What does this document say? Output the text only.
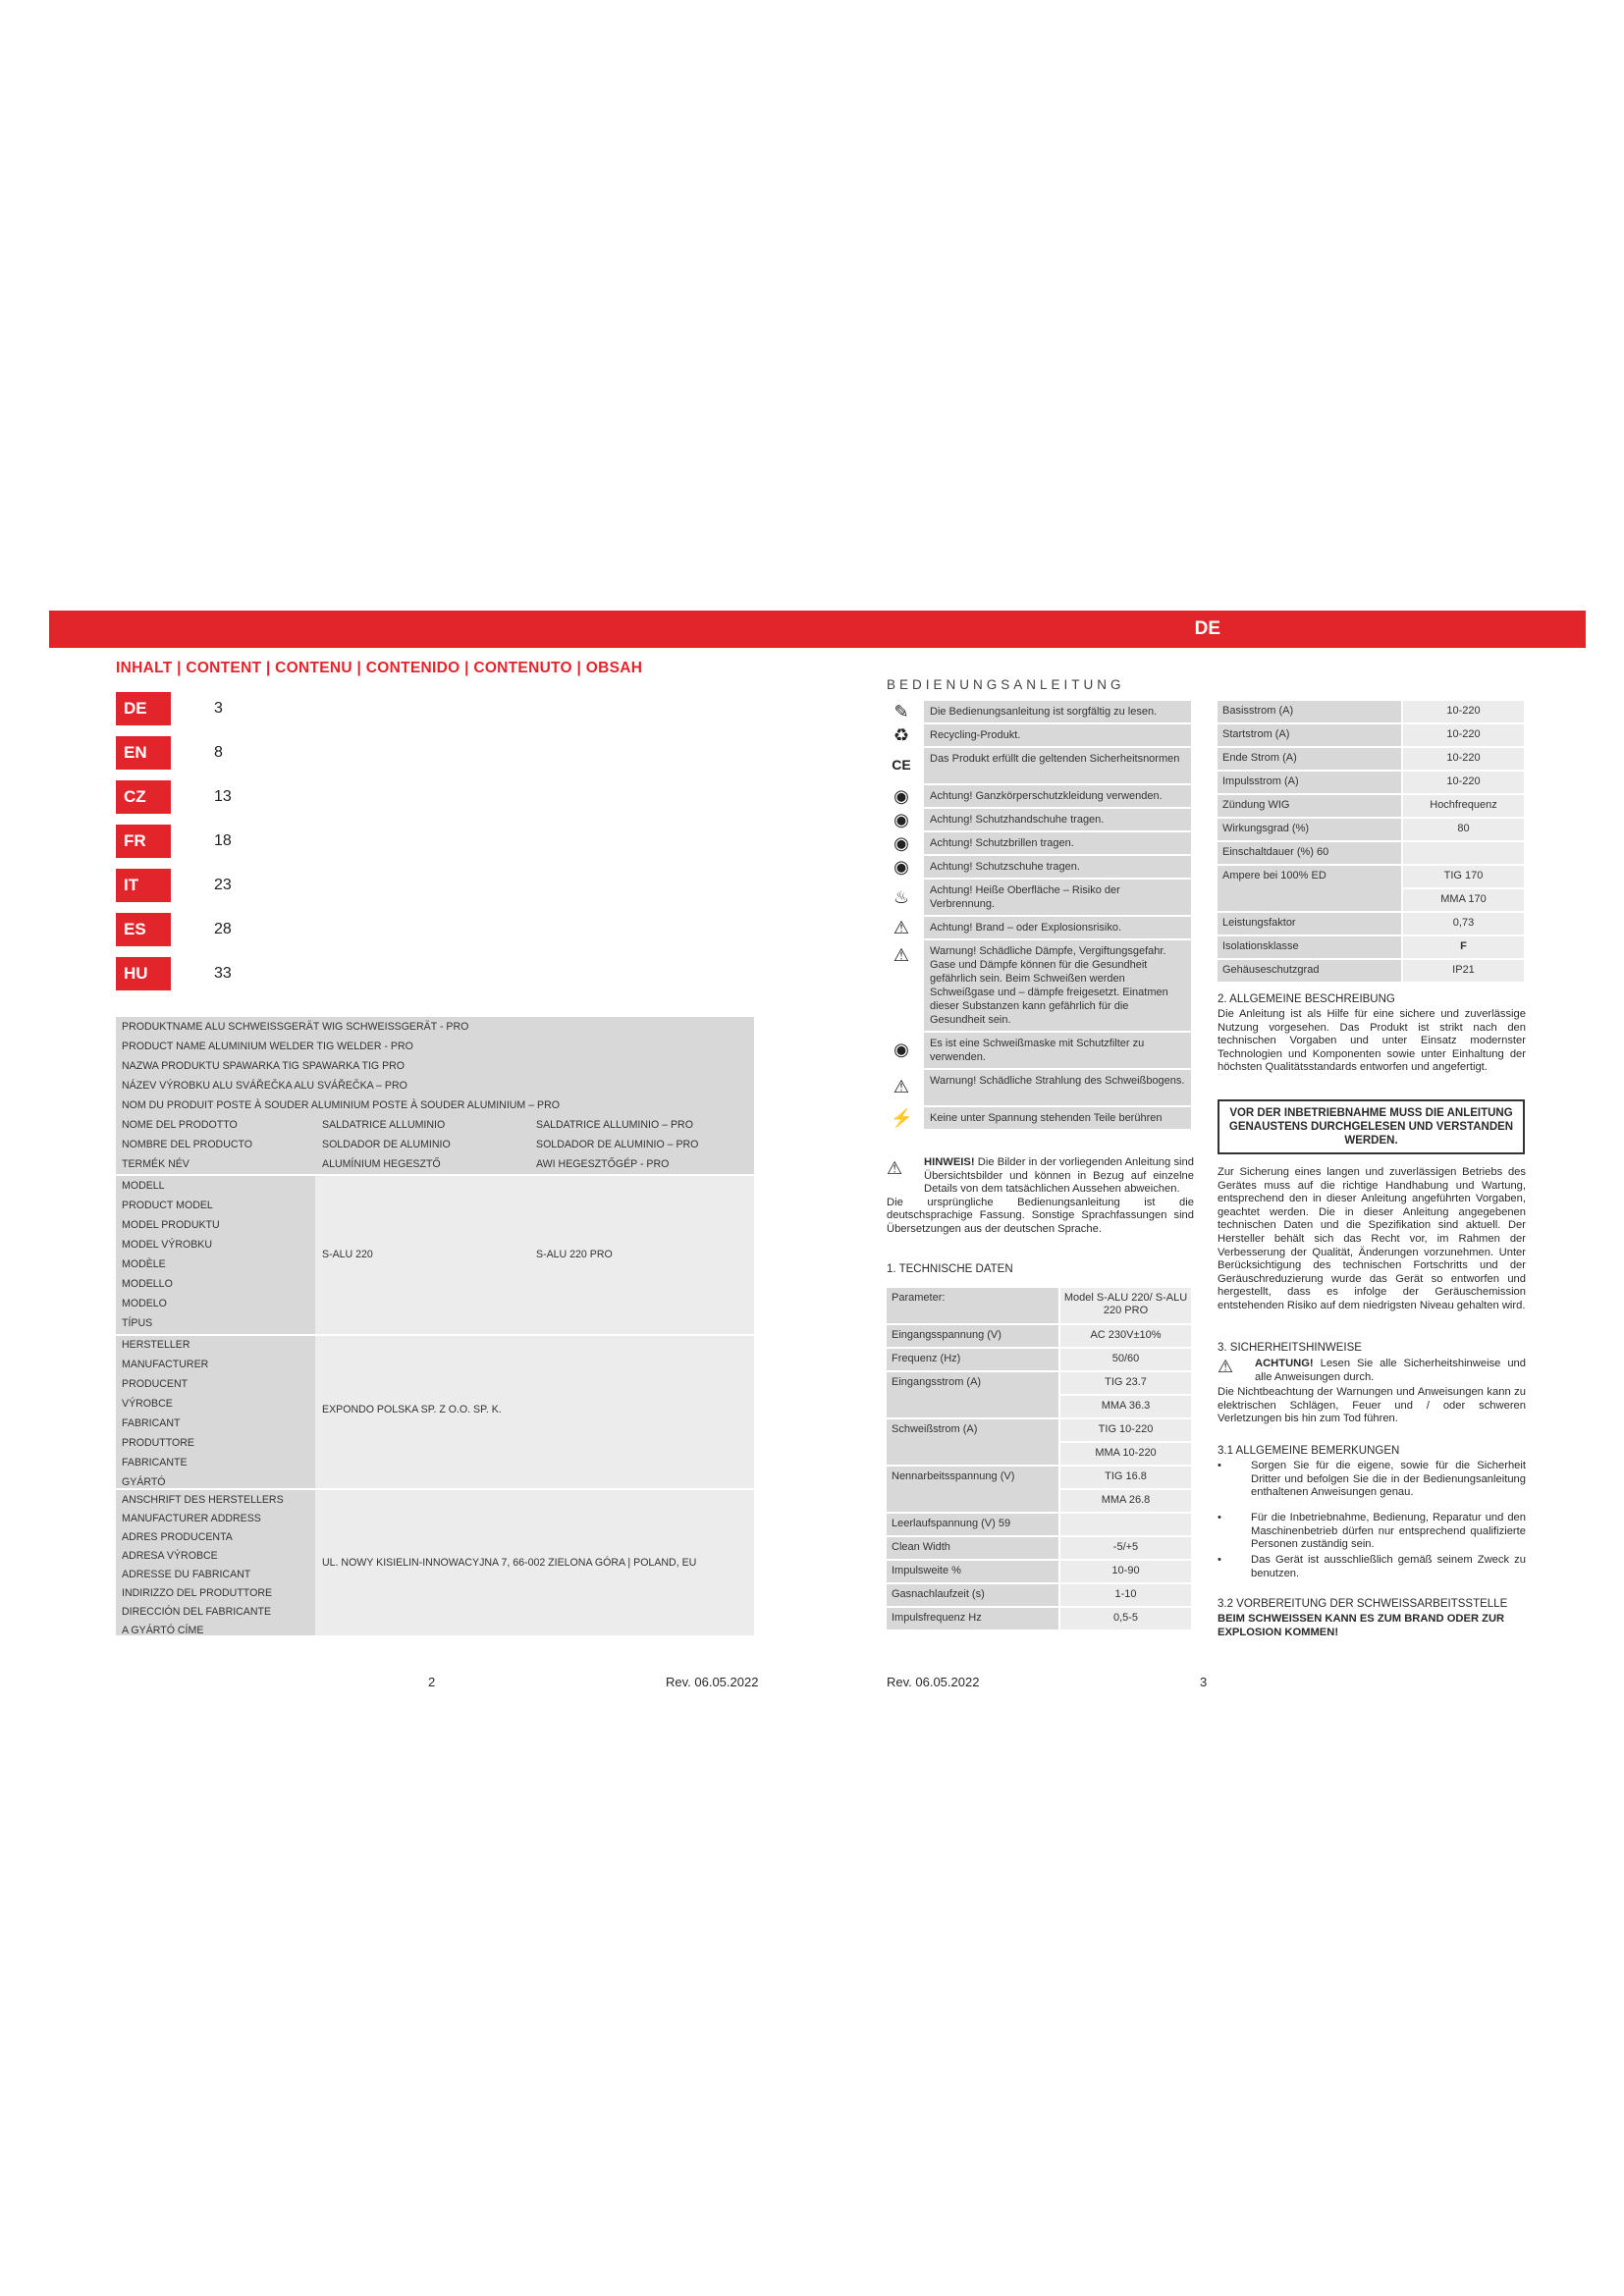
DE
INHALT | CONTENT | CONTENU | CONTENIDO | CONTENUTO | OBSAH
DE	3
EN	8
CZ	13
FR	18
IT	23
ES	28
HU	33
PRODUKTNAME ALU SCHWEISSGERÄT WIG SCHWEISSGERÄT - PRO
PRODUCT NAME ALUMINIUM WELDER TIG WELDER - PRO
NAZWA PRODUKTU SPAWARKA TIG SPAWARKA TIG PRO
NÁZEV VÝROBKU ALU SVÁŘEČKA ALU SVÁŘEČKA – PRO
NOM DU PRODUIT POSTE À SOUDER ALUMINIUM POSTE À SOUDER ALUMINIUM – PRO
NOME DEL PRODOTTO	SALDATRICE ALLUMINIO	SALDATRICE ALLUMINIO – PRO
NOMBRE DEL PRODUCTO	SOLDADOR DE ALUMINIO	SOLDADOR DE ALUMINIO – PRO
TERMÉK NÉV	ALUMÍNIUM HEGESZTŐ	AWI HEGESZTŐGÉP - PRO
MODELL
PRODUCT MODEL
MODEL PRODUKTU
MODEL VÝROBKU
MODÈLE
MODELLO
MODELO
TÍPUS
S-ALU 220	S-ALU 220 PRO
HERSTELLER
MANUFACTURER
PRODUCENT
VÝROBCE
FABRICANT
PRODUTTORE
FABRICANTE
GYÁRTÓ
EXPONDO POLSKA SP. Z O.O. SP. K.
ANSCHRIFT DES HERSTELLERS
MANUFACTURER ADDRESS
ADRES PRODUCENTA
ADRESA VÝROBCE
ADRESSE DU FABRICANT
INDIRIZZO DEL PRODUTTORE
DIRECCIÓN DEL FABRICANTE
A GYÁRTÓ CÍME
UL. NOWY KISIELIN-INNOWACYJNA 7, 66-002 ZIELONA GÓRA | POLAND, EU
2	Rev. 06.05.2022
BEDIENUNGSANLEITUNG
✎	Die Bedienungsanleitung ist sorgfältig zu lesen.
♻	Recycling-Produkt.
CE	Das Produkt erfüllt die geltenden Sicherheitsnormen
◉	Achtung! Ganzkörperschutzkleidung verwenden.
◉	Achtung! Schutzhandschuhe tragen.
◉	Achtung! Schutzbrillen tragen.
◉	Achtung! Schutzschuhe tragen.
♨	Achtung! Heiße Oberfläche – Risiko der Verbrennung.
⚠	Achtung! Brand – oder Explosionsrisiko.
⚠	Warnung! Schädliche Dämpfe, Vergiftungsgefahr. Gase und Dämpfe können für die Gesundheit gefährlich sein. Beim Schweißen werden Schweißgase und – dämpfe freigesetzt. Einatmen dieser Substanzen kann gefährlich für die Gesundheit sein.
◉	Es ist eine Schweißmaske mit Schutzfilter zu verwenden.
⚠	Warnung! Schädliche Strahlung des Schweißbogens.
⚡	Keine unter Spannung stehenden Teile berühren
⚠	HINWEIS! Die Bilder in der vorliegenden Anleitung sind Übersichtsbilder und können in Bezug auf einzelne Details von dem tatsächlichen Aussehen abweichen.
Die ursprüngliche Bedienungsanleitung ist die deutschsprachige Fassung. Sonstige Sprachfassungen sind Übersetzungen aus der deutschen Sprache.
1. TECHNISCHE DATEN
Parameter:	Model S-ALU 220/ S-ALU 220 PRO
Eingangsspannung (V)	AC 230V±10%
Frequenz (Hz)	50/60
Eingangsstrom (A)	TIG 23.7
MMA 36.3
Schweißstrom (A)	TIG 10-220
MMA 10-220
Nennarbeitsspannung (V)	TIG 16.8
MMA 26.8
Leerlaufspannung (V) 59
Clean Width	-5/+5
Impulsweite %	10-90
Gasnachlaufzeit (s)	1-10
Impulsfrequenz Hz	0,5-5
Basisstrom (A)	10-220
Startstrom (A)	10-220
Ende Strom (A)	10-220
Impulsstrom (A)	10-220
Zündung WIG	Hochfrequenz
Wirkungsgrad (%)	80
Einschaltdauer (%) 60
Ampere bei 100% ED	TIG 170
MMA 170
Leistungsfaktor	0,73
Isolationsklasse	F
Gehäuseschutzgrad	IP21
2. ALLGEMEINE BESCHREIBUNG
Die Anleitung ist als Hilfe für eine sichere und zuverlässige Nutzung vorgesehen. Das Produkt ist strikt nach den technischen Vorgaben und unter Einsatz modernster Technologien und Komponenten sowie unter Einhaltung der höchsten Qualitätsstandards entworfen und angefertigt.
VOR DER INBETRIEBNAHME MUSS DIE ANLEITUNG GENAUSTENS DURCHGELESEN UND VERSTANDEN WERDEN.
Zur Sicherung eines langen und zuverlässigen Betriebs des Gerätes muss auf die richtige Handhabung und Wartung, entsprechend den in dieser Anleitung angeführten Vorgaben, geachtet werden. Die in dieser Anleitung angegebenen technischen Daten und die Spezifikation sind aktuell. Der Hersteller behält sich das Recht vor, im Rahmen der Verbesserung der Qualität, Änderungen vorzunehmen. Unter Berücksichtigung des technischen Fortschritts und der Geräuschreduzierung wurde das Gerät so entworfen und hergestellt, dass es infolge der Geräuschemission entstehenden Risiko auf dem niedrigsten Niveau gehalten wird.
3. SICHERHEITSHINWEISE
⚠ ACHTUNG! Lesen Sie alle Sicherheitshinweise und alle Anweisungen durch.
Die Nichtbeachtung der Warnungen und Anweisungen kann zu elektrischen Schlägen, Feuer und / oder schweren Verletzungen bis hin zum Tod führen.
3.1 ALLGEMEINE BEMERKUNGEN
•	Sorgen Sie für die eigene, sowie für die Sicherheit Dritter und befolgen Sie die in der Bedienungsanleitung enthaltenen Anweisungen genau.
•	Für die Inbetriebnahme, Bedienung, Reparatur und den Maschinenbetrieb dürfen nur entsprechend qualifizierte Personen zuständig sein.
•	Das Gerät ist ausschließlich gemäß seinem Zweck zu benutzen.
3.2 VORBEREITUNG DER SCHWEISSARBEITSSTELLE
BEIM SCHWEISSEN KANN ES ZUM BRAND ODER ZUR EXPLOSION KOMMEN!
Rev. 06.05.2022	3
